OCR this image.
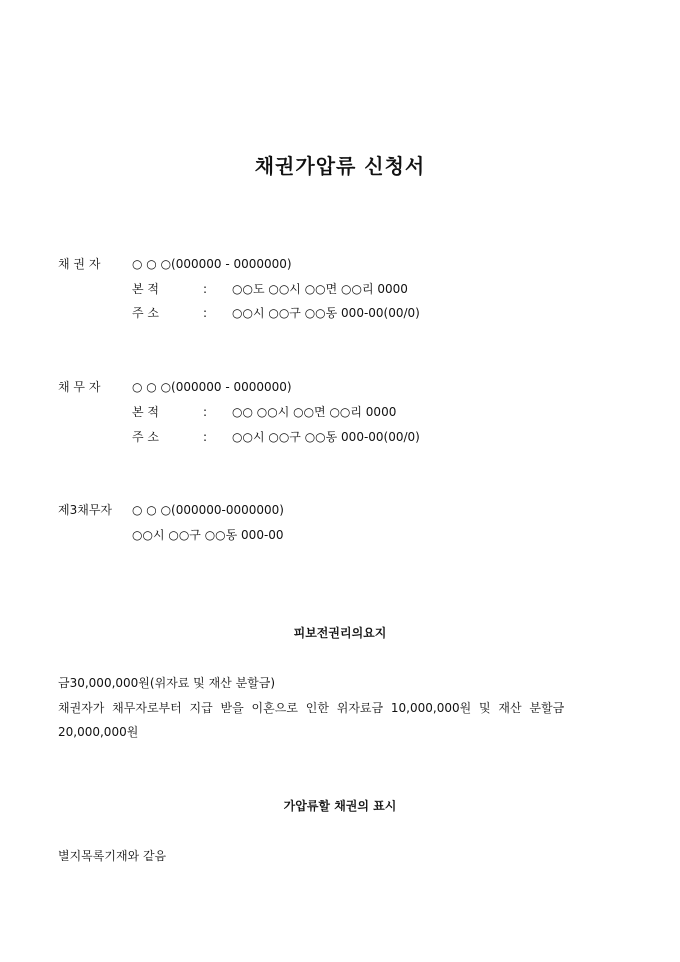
채권가압류 신청서
채 권 자	○ ○ ○(000000 - 0000000)
본 적	: ○○도 ○○시 ○○면 ○○리 0000
주 소	: ○○시 ○○구 ○○동 000-00(00/0)
채 무 자	○ ○ ○(000000 - 0000000)
본 적	: ○○ ○○시 ○○면 ○○리 0000
주 소	: ○○시 ○○구 ○○동 000-00(00/0)
제3채무자 ○ ○ ○(000000-0000000)
○○시 ○○구 ○○동 000-00
피보전권리의요지
금30,000,000원(위자료 및 재산 분할금)
채권자가 채무자로부터 지급 받을 이혼으로 인한 위자료금 10,000,000원 및 재산 분할금
20,000,000원
가압류할 채권의 표시
별지목록기재와 같음
